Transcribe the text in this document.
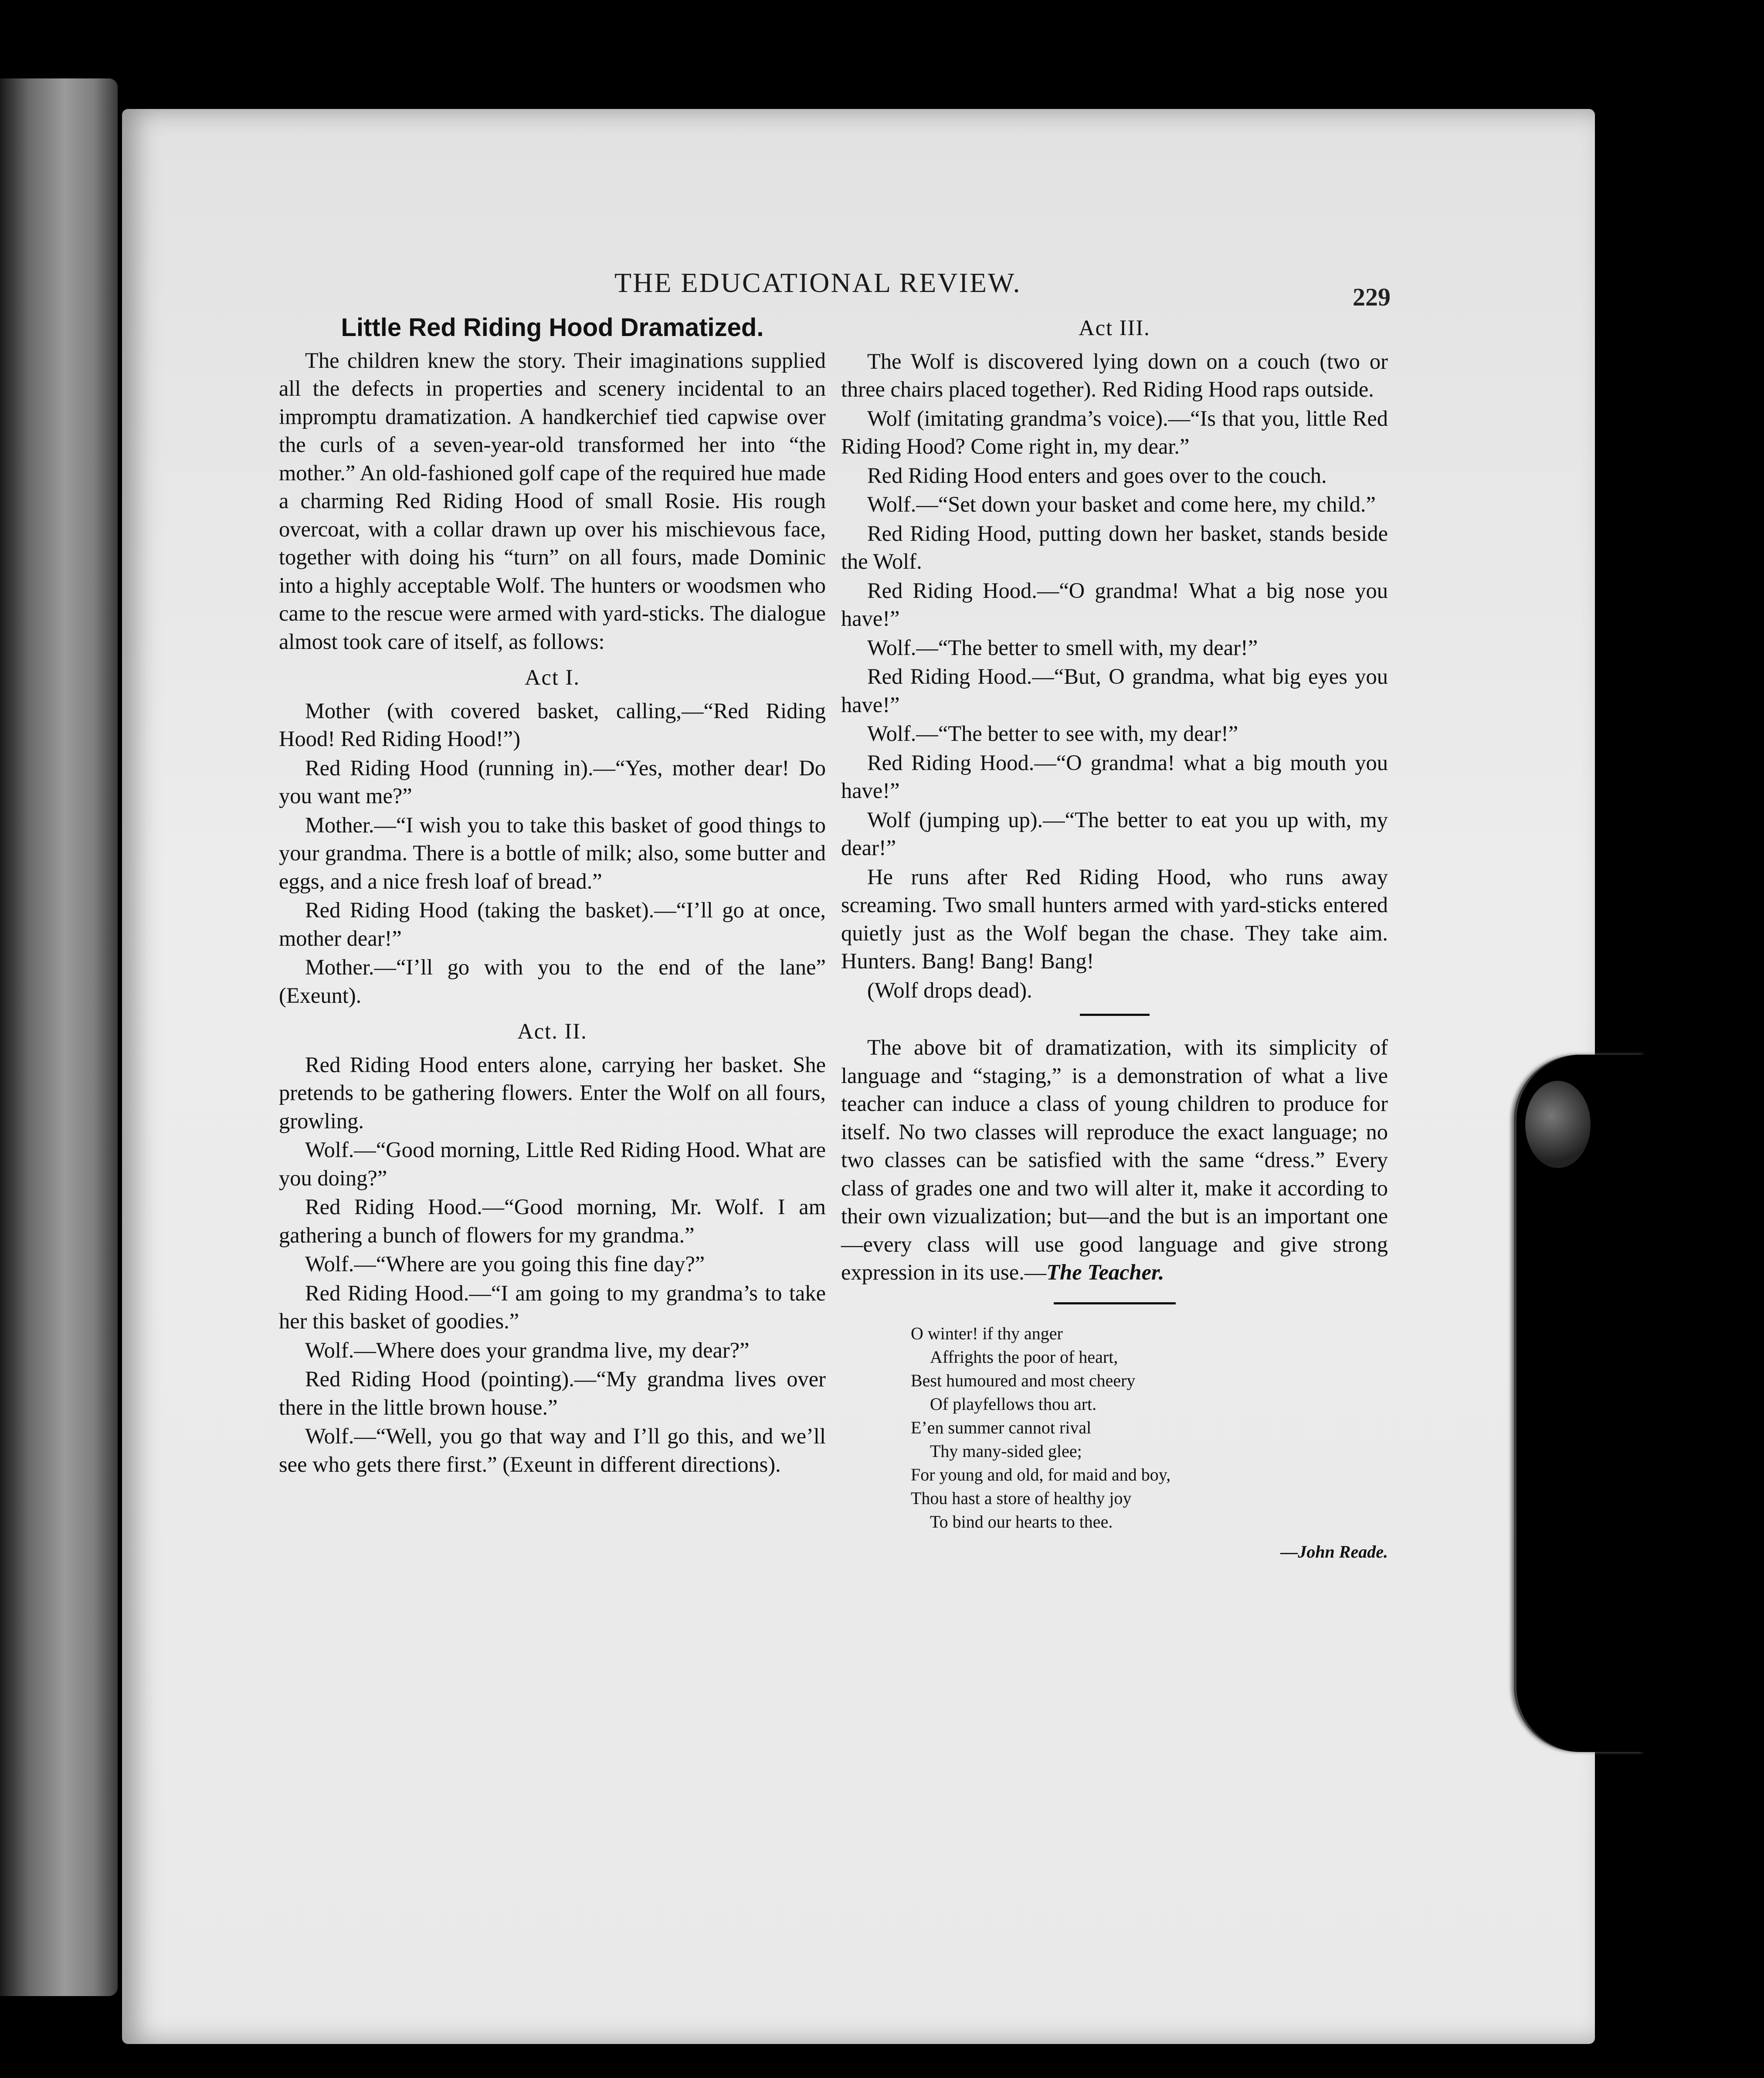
THE EDUCATIONAL REVIEW.	229
Little Red Riding Hood Dramatized.

The children knew the story. Their imaginations supplied all the defects in properties and scenery incidental to an impromptu dramatization. A handkerchief tied capwise over the curls of a seven-year-old transformed her into “the mother.” An old-fashioned golf cape of the required hue made a charming Red Riding Hood of small Rosie. His rough overcoat, with a collar drawn up over his mischievous face, together with doing his “turn” on all fours, made Dominic into a highly acceptable Wolf. The hunters or woodsmen who came to the rescue were armed with yard-sticks. The dialogue almost took care of itself, as follows:

Act I.

Mother (with covered basket, calling,—“Red Riding Hood! Red Riding Hood!”)

Red Riding Hood (running in).—“Yes, mother dear! Do you want me?”

Mother.—“I wish you to take this basket of good things to your grandma. There is a bottle of milk; also, some butter and eggs, and a nice fresh loaf of bread.”

Red Riding Hood (taking the basket).—“I’ll go at once, mother dear!”

Mother.—“I’ll go with you to the end of the lane” (Exeunt).

Act. II.

Red Riding Hood enters alone, carrying her basket. She pretends to be gathering flowers. Enter the Wolf on all fours, growling.

Wolf.—“Good morning, Little Red Riding Hood. What are you doing?”

Red Riding Hood.—“Good morning, Mr. Wolf. I am gathering a bunch of flowers for my grandma.”

Wolf.—“Where are you going this fine day?”

Red Riding Hood.—“I am going to my grandma’s to take her this basket of goodies.”

Wolf.—Where does your grandma live, my dear?”

Red Riding Hood (pointing).—“My grandma lives over there in the little brown house.”

Wolf.—“Well, you go that way and I’ll go this, and we’ll see who gets there first.” (Exeunt in different directions).

Act III.

The Wolf is discovered lying down on a couch (two or three chairs placed together). Red Riding Hood raps outside.

Wolf (imitating grandma’s voice).—“Is that you, little Red Riding Hood? Come right in, my dear.”

Red Riding Hood enters and goes over to the couch.

Wolf.—“Set down your basket and come here, my child.”

Red Riding Hood, putting down her basket, stands beside the Wolf.

Red Riding Hood.—“O grandma! What a big nose you have!”

Wolf.—“The better to smell with, my dear!”

Red Riding Hood.—“But, O grandma, what big eyes you have!”

Wolf.—“The better to see with, my dear!”

Red Riding Hood.—“O grandma! what a big mouth you have!”

Wolf (jumping up).—“The better to eat you up with, my dear!”

He runs after Red Riding Hood, who runs away screaming. Two small hunters armed with yard-sticks entered quietly just as the Wolf began the chase. They take aim. Hunters. Bang! Bang! Bang!

(Wolf drops dead).

The above bit of dramatization, with its simplicity of language and “staging,” is a demonstration of what a live teacher can induce a class of young children to produce for itself. No two classes will reproduce the exact language; no two classes can be satisfied with the same “dress.” Every class of grades one and two will alter it, make it according to their own vizualization; but—and the but is an important one—every class will use good language and give strong expression in its use.—The Teacher.

O winter! if thy anger
Affrights the poor of heart,
Best humoured and most cheery
Of playfellows thou art.
E’en summer cannot rival
Thy many-sided glee;
For young and old, for maid and boy,
Thou hast a store of healthy joy
To bind our hearts to thee.
—John Reade.
